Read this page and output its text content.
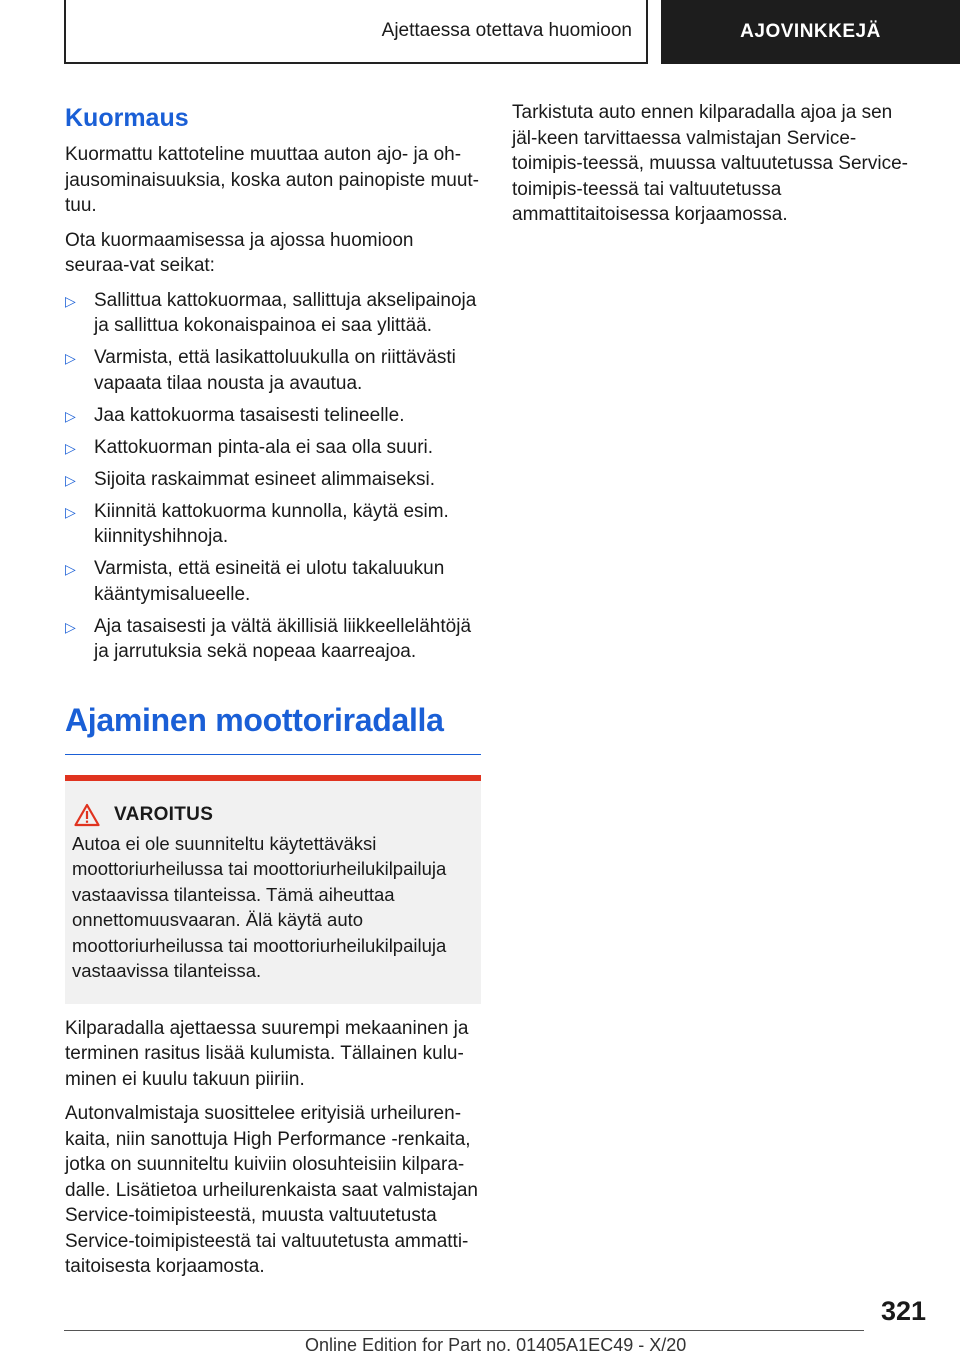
Ajettaessa otettava huomioon	AJOVINKKEJÄ
Kuormaus

Kuormattu kattoteline muuttaa auton ajo- ja oh-jausominaisuuksia, koska auton painopiste muut-tuu.

Ota kuormaamisessa ja ajossa huomioon seuraa-vat seikat:

▷ Sallittua kattokuormaa, sallittuja akselipainoja ja sallittua kokonaispainoa ei saa ylittää.
▷ Varmista, että lasikattoluukulla on riittävästi vapaata tilaa nousta ja avautua.
▷ Jaa kattokuorma tasaisesti telineelle.
▷ Kattokuorman pinta-ala ei saa olla suuri.
▷ Sijoita raskaimmat esineet alimmaiseksi.
▷ Kiinnitä kattokuorma kunnolla, käytä esim. kiinnityshihnoja.
▷ Varmista, että esineitä ei ulotu takaluukun kääntymisalueelle.
▷ Aja tasaisesti ja vältä äkillisiä liikkeellelähtöjä ja jarrutuksia sekä nopeaa kaarreajoa.
Ajaminen moottoriradalla
VAROITUS

Autoa ei ole suunniteltu käytettäväksi moottoriurheilussa tai moottoriurheilukilpailuja vastaavissa tilanteissa. Tämä aiheuttaa onnettomuusvaaran. Älä käytä auto moottoriurheilussa tai moottoriurheilukilpailuja vastaavissa tilanteissa.

Kilparadalla ajettaessa suurempi mekaaninen ja terminen rasitus lisää kulumista. Tällainen kulu-minen ei kuulu takuun piiriin.

Autonvalmistaja suosittelee erityisiä urheiluren-kaita, niin sanottuja High Performance -renkaita, jotka on suunniteltu kuiviin olosuhteisiin kilpara-dalle. Lisätietoa urheilurenkaista saat valmistajan Service-toimipisteestä, muusta valtuutetusta Service-toimipisteestä tai valtuutetusta ammatti-taitoisesta korjaamosta.

Tarkistuta auto ennen kilparadalla ajoa ja sen jäl-keen tarvittaessa valmistajan Service-toimipis-teessä, muussa valtuutetussa Service-toimipis-teessä tai valtuutetussa ammattitaitoisessa korjaamossa.

321
Online Edition for Part no. 01405A1EC49 - X/20
